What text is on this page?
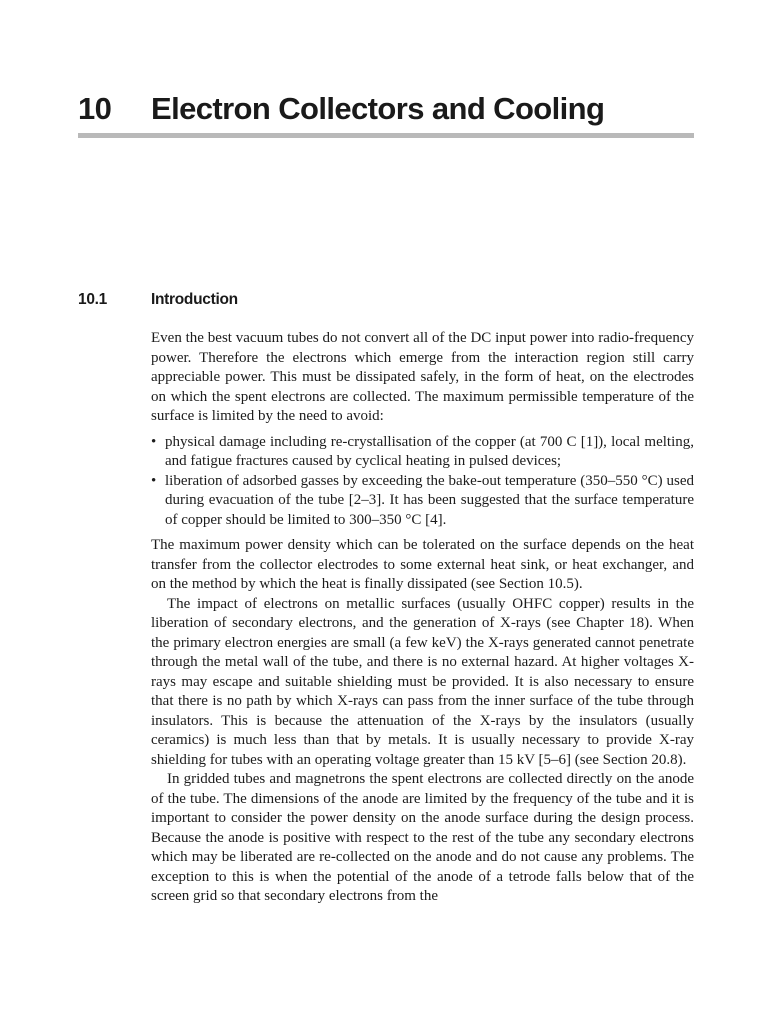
10 Electron Collectors and Cooling
10.1	Introduction

Even the best vacuum tubes do not convert all of the DC input power into radio-frequency power. Therefore the electrons which emerge from the interaction region still carry appreciable power. This must be dissipated safely, in the form of heat, on the electrodes on which the spent electrons are collected. The maximum permissible temperature of the surface is limited by the need to avoid:

• physical damage including re-crystallisation of the copper (at 700 C [1]), local melting, and fatigue fractures caused by cyclical heating in pulsed devices;
• liberation of adsorbed gasses by exceeding the bake-out temperature (350–550 °C) used during evacuation of the tube [2–3]. It has been suggested that the surface temperature of copper should be limited to 300–350 °C [4].

The maximum power density which can be tolerated on the surface depends on the heat transfer from the collector electrodes to some external heat sink, or heat exchanger, and on the method by which the heat is finally dissipated (see Section 10.5).

The impact of electrons on metallic surfaces (usually OHFC copper) results in the liberation of secondary electrons, and the generation of X-rays (see Chapter 18). When the primary electron energies are small (a few keV) the X-rays generated cannot penetrate through the metal wall of the tube, and there is no external hazard. At higher voltages X-rays may escape and suitable shielding must be provided. It is also necessary to ensure that there is no path by which X-rays can pass from the inner surface of the tube through insulators. This is because the attenuation of the X-rays by the insulators (usually ceramics) is much less than that by metals. It is usually necessary to provide X-ray shielding for tubes with an operating voltage greater than 15 kV [5–6] (see Section 20.8).

In gridded tubes and magnetrons the spent electrons are collected directly on the anode of the tube. The dimensions of the anode are limited by the frequency of the tube and it is important to consider the power density on the anode surface during the design process. Because the anode is positive with respect to the rest of the tube any secondary electrons which may be liberated are re-collected on the anode and do not cause any problems. The exception to this is when the potential of the anode of a tetrode falls below that of the screen grid so that secondary electrons from the
